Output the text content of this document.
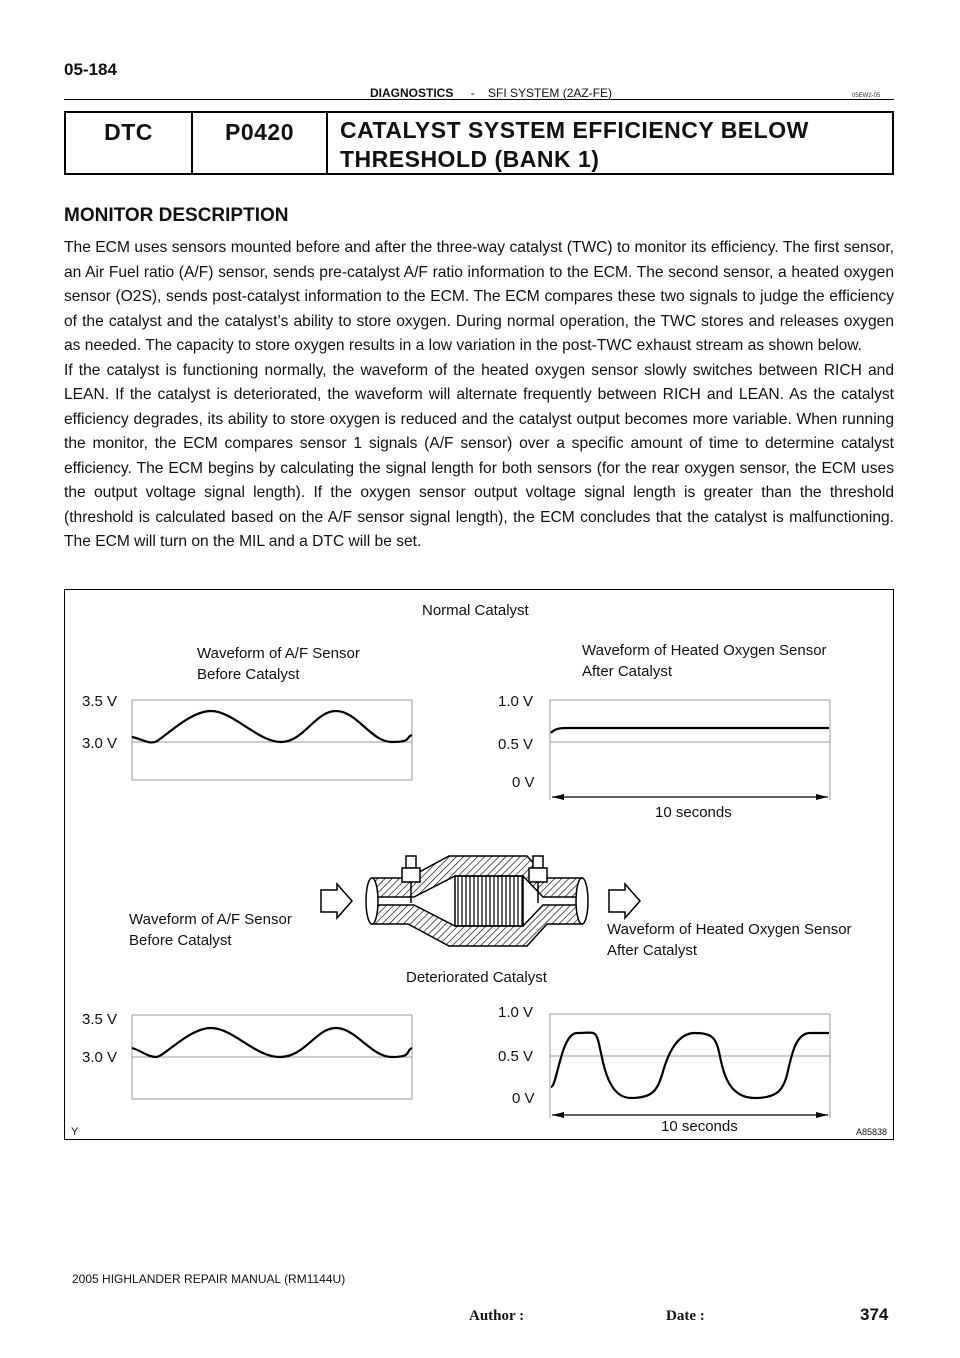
05-184
DIAGNOSTICS - SFI SYSTEM (2AZ-FE)	05EW2-05
DTC	P0420	CATALYST SYSTEM EFFICIENCY BELOW
THRESHOLD (BANK 1)
MONITOR DESCRIPTION

The ECM uses sensors mounted before and after the three-way catalyst (TWC) to monitor its efficiency. The first sensor, an Air Fuel ratio (A/F) sensor, sends pre-catalyst A/F ratio information to the ECM. The second sensor, a heated oxygen sensor (O2S), sends post-catalyst information to the ECM. The ECM compares these two signals to judge the efficiency of the catalyst and the catalyst’s ability to store oxygen. During normal operation, the TWC stores and releases oxygen as needed. The capacity to store oxygen results in a low variation in the post-TWC exhaust stream as shown below.

If the catalyst is functioning normally, the waveform of the heated oxygen sensor slowly switches between RICH and LEAN. If the catalyst is deteriorated, the waveform will alternate frequently between RICH and LEAN. As the catalyst efficiency degrades, its ability to store oxygen is reduced and the catalyst output becomes more variable. When running the monitor, the ECM compares sensor 1 signals (A/F sensor) over a specific amount of time to determine catalyst efficiency. The ECM begins by calculating the signal length for both sensors (for the rear oxygen sensor, the ECM uses the output voltage signal length). If the oxygen sensor output voltage signal length is greater than the threshold (threshold is calculated based on the A/F sensor signal length), the ECM concludes that the catalyst is malfunctioning. The ECM will turn on the MIL and a DTC will be set.

Normal Catalyst
Waveform of A/F Sensor
Before Catalyst
Waveform of Heated Oxygen Sensor
After Catalyst
3.5 V
3.0 V
1.0 V
0.5 V
0 V
10 seconds
Waveform of A/F Sensor
Before Catalyst
Waveform of Heated Oxygen Sensor
After Catalyst
Deteriorated Catalyst
3.5 V
3.0 V
1.0 V
0.5 V
0 V
10 seconds
Y	A85838
2005 HIGHLANDER REPAIR MANUAL (RM1144U)
374
Author :	Date :
